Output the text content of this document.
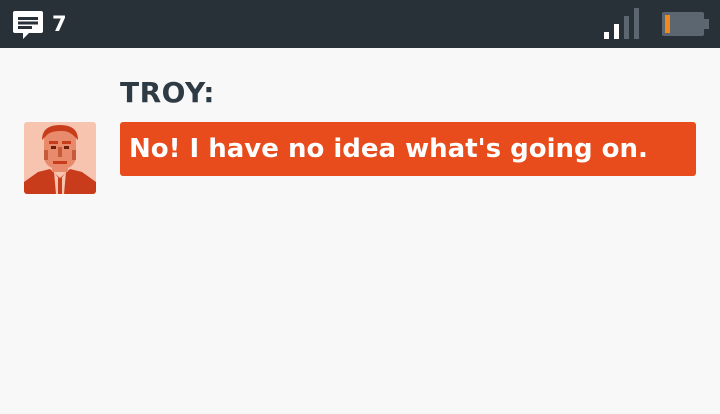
7
TROY:
No! I have no idea what's going on.
